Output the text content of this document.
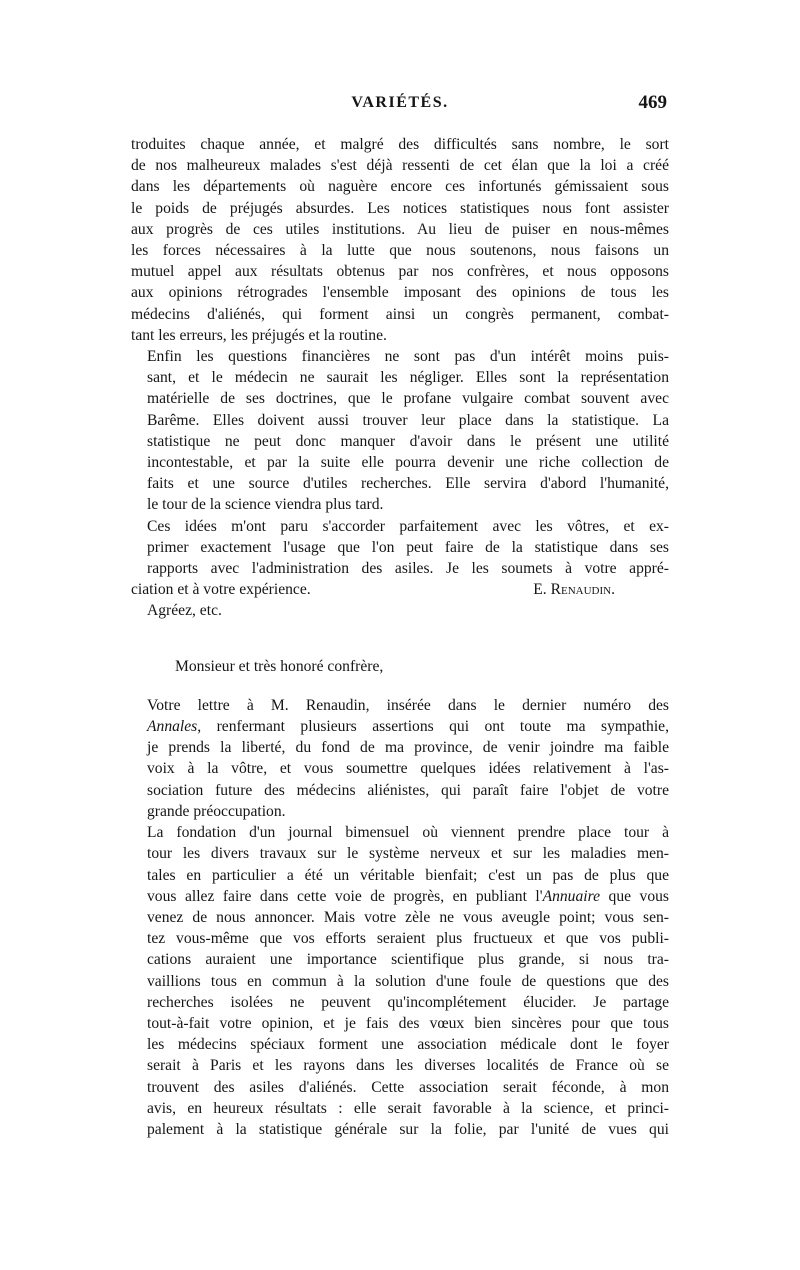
VARIÉTÉS.	469

troduites chaque année, et malgré des difficultés sans nombre, le sort
de nos malheureux malades s'est déjà ressenti de cet élan que la loi a créé
dans les départements où naguère encore ces infortunés gémissaient sous
le poids de préjugés absurdes. Les notices statistiques nous font assister
aux progrès de ces utiles institutions. Au lieu de puiser en nous-mêmes
les forces nécessaires à la lutte que nous soutenons, nous faisons un
mutuel appel aux résultats obtenus par nos confrères, et nous opposons
aux opinions rétrogrades l'ensemble imposant des opinions de tous les
médecins d'aliénés, qui forment ainsi un congrès permanent, combat-
tant les erreurs, les préjugés et la routine.

Enfin les questions financières ne sont pas d'un intérêt moins puis-
sant, et le médecin ne saurait les négliger. Elles sont la représentation
matérielle de ses doctrines, que le profane vulgaire combat souvent avec
Barême. Elles doivent aussi trouver leur place dans la statistique. La
statistique ne peut donc manquer d'avoir dans le présent une utilité
incontestable, et par la suite elle pourra devenir une riche collection de
faits et une source d'utiles recherches. Elle servira d'abord l'humanité,
le tour de la science viendra plus tard.

Ces idées m'ont paru s'accorder parfaitement avec les vôtres, et ex-
primer exactement l'usage que l'on peut faire de la statistique dans ses
rapports avec l'administration des asiles. Je les soumets à votre appré-

ciation et à votre expérience.	E. Renaudin.

Agréez, etc.

Monsieur et très honoré confrère,

Votre lettre à M. Renaudin, insérée dans le dernier numéro des
Annales, renfermant plusieurs assertions qui ont toute ma sympathie,
je prends la liberté, du fond de ma province, de venir joindre ma faible
voix à la vôtre, et vous soumettre quelques idées relativement à l'as-
sociation future des médecins aliénistes, qui paraît faire l'objet de votre
grande préoccupation.

La fondation d'un journal bimensuel où viennent prendre place tour à
tour les divers travaux sur le système nerveux et sur les maladies men-
tales en particulier a été un véritable bienfait; c'est un pas de plus que
vous allez faire dans cette voie de progrès, en publiant l'Annuaire que vous
venez de nous annoncer. Mais votre zèle ne vous aveugle point; vous sen-
tez vous-même que vos efforts seraient plus fructueux et que vos publi-
cations auraient une importance scientifique plus grande, si nous tra-
vaillions tous en commun à la solution d'une foule de questions que des
recherches isolées ne peuvent qu'incomplétement élucider. Je partage
tout-à-fait votre opinion, et je fais des vœux bien sincères pour que tous
les médecins spéciaux forment une association médicale dont le foyer
serait à Paris et les rayons dans les diverses localités de France où se
trouvent des asiles d'aliénés. Cette association serait féconde, à mon
avis, en heureux résultats : elle serait favorable à la science, et princi-
palement à la statistique générale sur la folie, par l'unité de vues qui
